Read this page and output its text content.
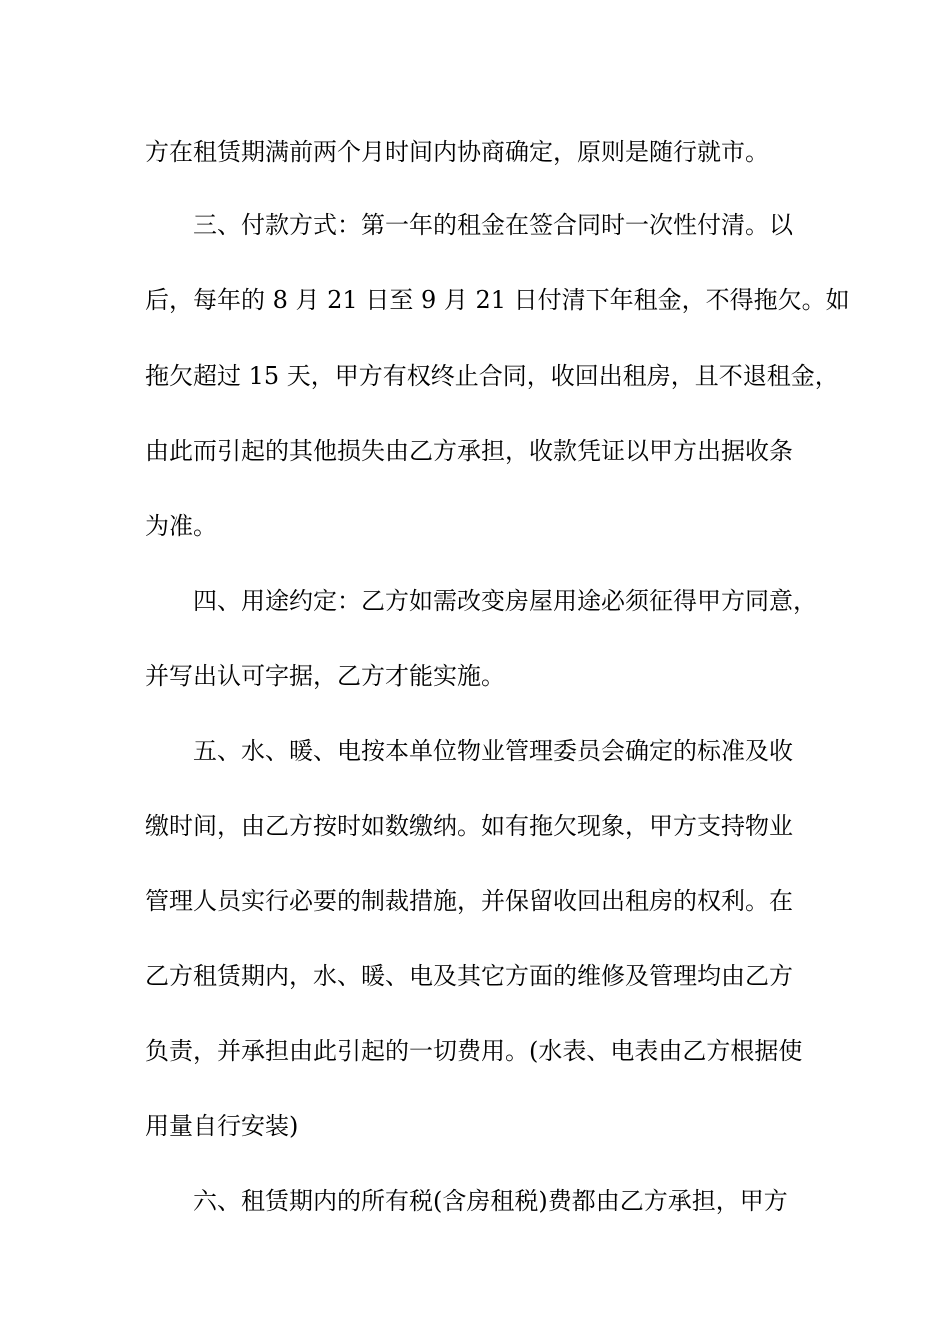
方在租赁期满前两个月时间内协商确定，原则是随行就市。

三、付款方式：第一年的租金在签合同时一次性付清。以

后，每年的 8 月 21 日至 9 月 21 日付清下年租金，不得拖欠。如

拖欠超过 15 天，甲方有权终止合同，收回出租房，且不退租金，

由此而引起的其他损失由乙方承担，收款凭证以甲方出据收条

为准。

四、用途约定：乙方如需改变房屋用途必须征得甲方同意，

并写出认可字据，乙方才能实施。

五、水、暖、电按本单位物业管理委员会确定的标准及收

缴时间，由乙方按时如数缴纳。如有拖欠现象，甲方支持物业

管理人员实行必要的制裁措施，并保留收回出租房的权利。在

乙方租赁期内，水、暖、电及其它方面的维修及管理均由乙方

负责，并承担由此引起的一切费用。(水表、电表由乙方根据使

用量自行安装)

六、租赁期内的所有税(含房租税)费都由乙方承担，甲方
